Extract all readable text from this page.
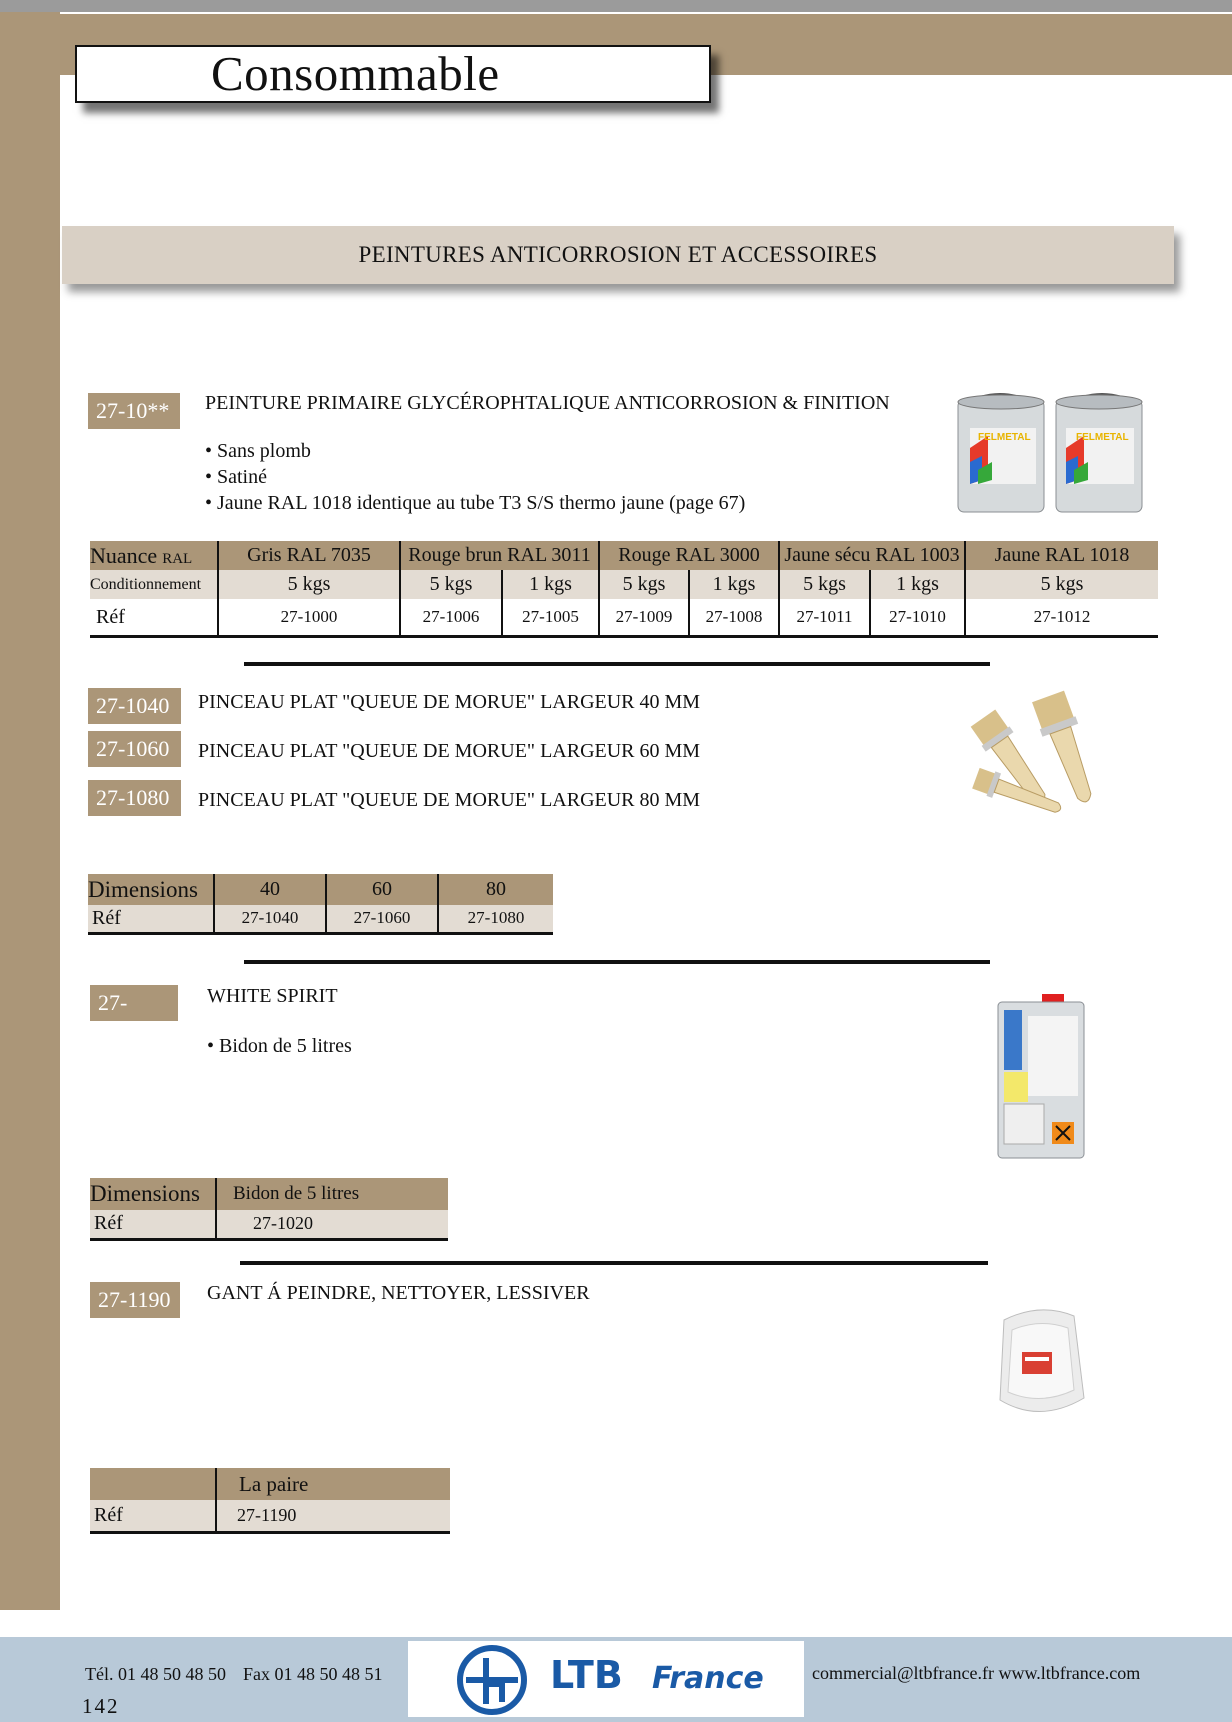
Consommable
PEINTURES ANTICORROSION ET ACCESSOIRES
27-10**	PEINTURE PRIMAIRE GLYCÉROPHTALIQUE ANTICORROSION & FINITION
• Sans plomb
• Satiné
• Jaune RAL 1018 identique au tube T3 S/S thermo jaune (page 67)
FELMETAL	FELMETAL
Nuance RAL	Gris RAL 7035	Rouge brun RAL 3011		Rouge RAL 3000		Jaune sécu RAL 1003		Jaune RAL 1018
Conditionnement	5 kgs	5 kgs	1 kgs	5 kgs	1 kgs	5 kgs	1 kgs	5 kgs
Réf	27-1000	27-1006	27-1005	27-1009	27-1008	27-1011	27-1010	27-1012
27-1040	PINCEAU PLAT "QUEUE DE MORUE" LARGEUR 40 MM
27-1060	PINCEAU PLAT "QUEUE DE MORUE" LARGEUR 60 MM
27-1080	PINCEAU PLAT "QUEUE DE MORUE" LARGEUR 80 MM
Dimensions	40	60	80
Réf	27-1040	27-1060	27-1080
27-1020
WHITE SPIRIT
• Bidon de 5 litres
Dimensions	Bidon de 5 litres
Réf	27-1020
27-1190	GANT Á PEINDRE, NETTOYER, LESSIVER
	La paire
Réf	27-1190
Tél. 01 48 50 48 50 Fax 01 48 50 48 51
142
LTB France	commercial@ltbfrance.fr www.ltbfrance.com
